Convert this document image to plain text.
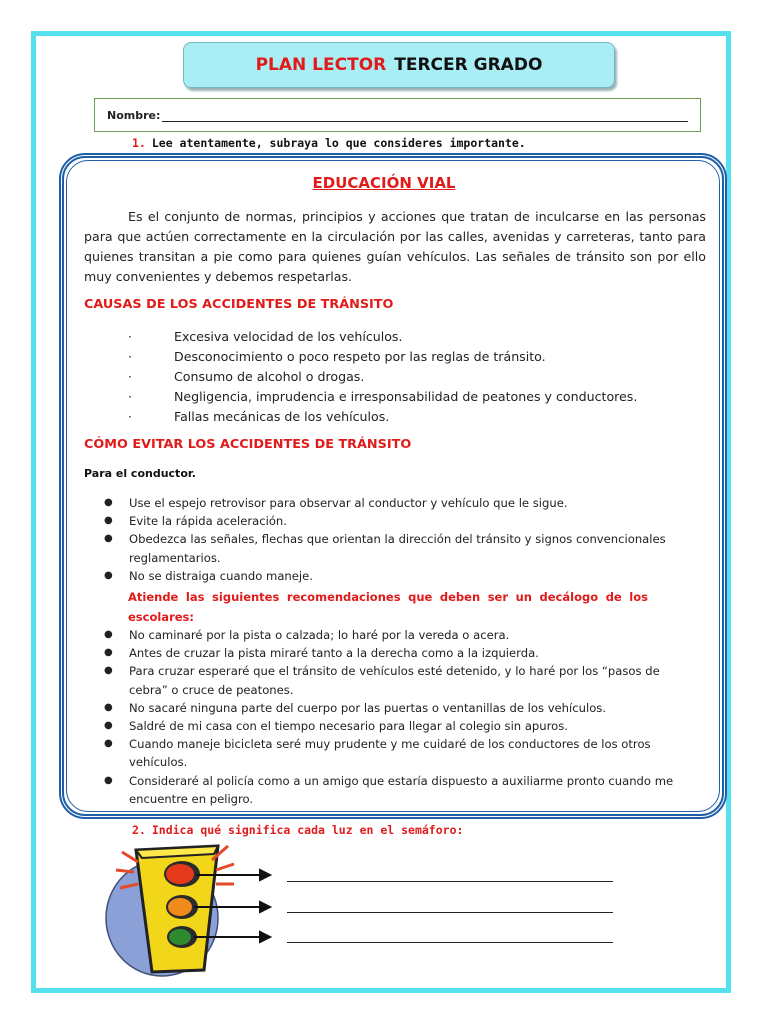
PLAN LECTOR TERCER GRADO
Nombre:
1. Lee atentamente, subraya lo que consideres importante.
EDUCACIÓN VIAL
Es el conjunto de normas, principios y acciones que tratan de inculcarse en las personas para que actúen correctamente en la circulación por las calles, avenidas y carreteras, tanto para quienes transitan a pie como para quienes guían vehículos. Las señales de tránsito son por ello muy convenientes y debemos respetarlas.
CAUSAS DE LOS ACCIDENTES DE TRÁNSITO
·	Excesiva velocidad de los vehículos.
·	Desconocimiento o poco respeto por las reglas de tránsito.
·	Consumo de alcohol o drogas.
·	Negligencia, imprudencia e irresponsabilidad de peatones y conductores.
·	Fallas mecánicas de los vehículos.
CÓMO EVITAR LOS ACCIDENTES DE TRÁNSITO
Para el conductor.
●	Use el espejo retrovisor para observar al conductor y vehículo que le sigue.
●	Evite la rápida aceleración.
●	Obedezca las señales, flechas que orientan la dirección del tránsito y signos convencionales reglamentarios.
●	No se distraiga cuando maneje.
Atiende las siguientes recomendaciones que deben ser un decálogo de los escolares:
●	No caminaré por la pista o calzada; lo haré por la vereda o acera.
●	Antes de cruzar la pista miraré tanto a la derecha como a la izquierda.
●	Para cruzar esperaré que el tránsito de vehículos esté detenido, y lo haré por los “pasos de cebra” o cruce de peatones.
●	No sacaré ninguna parte del cuerpo por las puertas o ventanillas de los vehículos.
●	Saldré de mi casa con el tiempo necesario para llegar al colegio sin apuros.
●	Cuando maneje bicicleta seré muy prudente y me cuidaré de los conductores de los otros vehículos.
●	Consideraré al policía como a un amigo que estaría dispuesto a auxiliarme pronto cuando me encuentre en peligro.
2. Indica qué significa cada luz en el semáforo:
